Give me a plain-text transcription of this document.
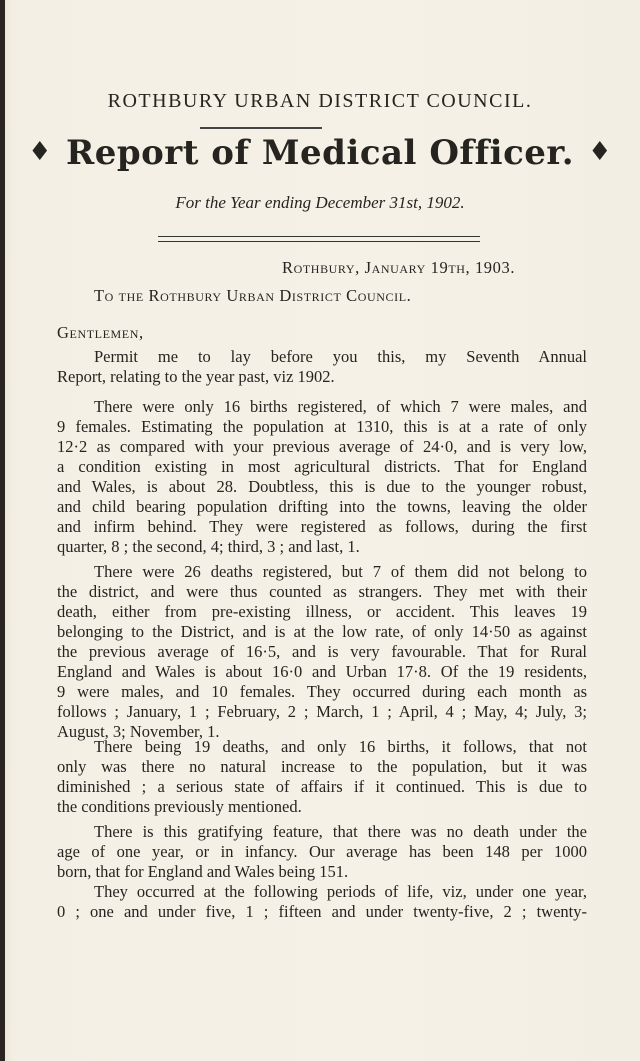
ROTHBURY URBAN DISTRICT COUNCIL.
♦ Report of Medical Officer. ♦
For the Year ending December 31st, 1902.
Rothbury, January 19th, 1903.
To the Rothbury Urban District Council.
Gentlemen,
Permit me to lay before you this, my Seventh Annual
Report, relating to the year past, viz 1902.
There were only 16 births registered, of which 7 were males, and
9 females. Estimating the population at 1310, this is at a rate of only
12·2 as compared with your previous average of 24·0, and is very low,
a condition existing in most agricultural districts. That for England
and Wales, is about 28. Doubtless, this is due to the younger robust,
and child bearing population drifting into the towns, leaving the older
and infirm behind. They were registered as follows, during the first
quarter, 8 ; the second, 4; third, 3 ; and last, 1.
There were 26 deaths registered, but 7 of them did not belong to
the district, and were thus counted as strangers. They met with their
death, either from pre-existing illness, or accident. This leaves 19
belonging to the District, and is at the low rate, of only 14·50 as against
the previous average of 16·5, and is very favourable. That for Rural
England and Wales is about 16·0 and Urban 17·8. Of the 19 residents,
9 were males, and 10 females. They occurred during each month as
follows ; January, 1 ; February, 2 ; March, 1 ; April, 4 ; May, 4; July, 3;
August, 3; November, 1.
There being 19 deaths, and only 16 births, it follows, that not
only was there no natural increase to the population, but it was
diminished ; a serious state of affairs if it continued. This is due to
the conditions previously mentioned.
There is this gratifying feature, that there was no death under the
age of one year, or in infancy. Our average has been 148 per 1000
born, that for England and Wales being 151.
They occurred at the following periods of life, viz, under one year,
0 ; one and under five, 1 ; fifteen and under twenty-five, 2 ; twenty-
